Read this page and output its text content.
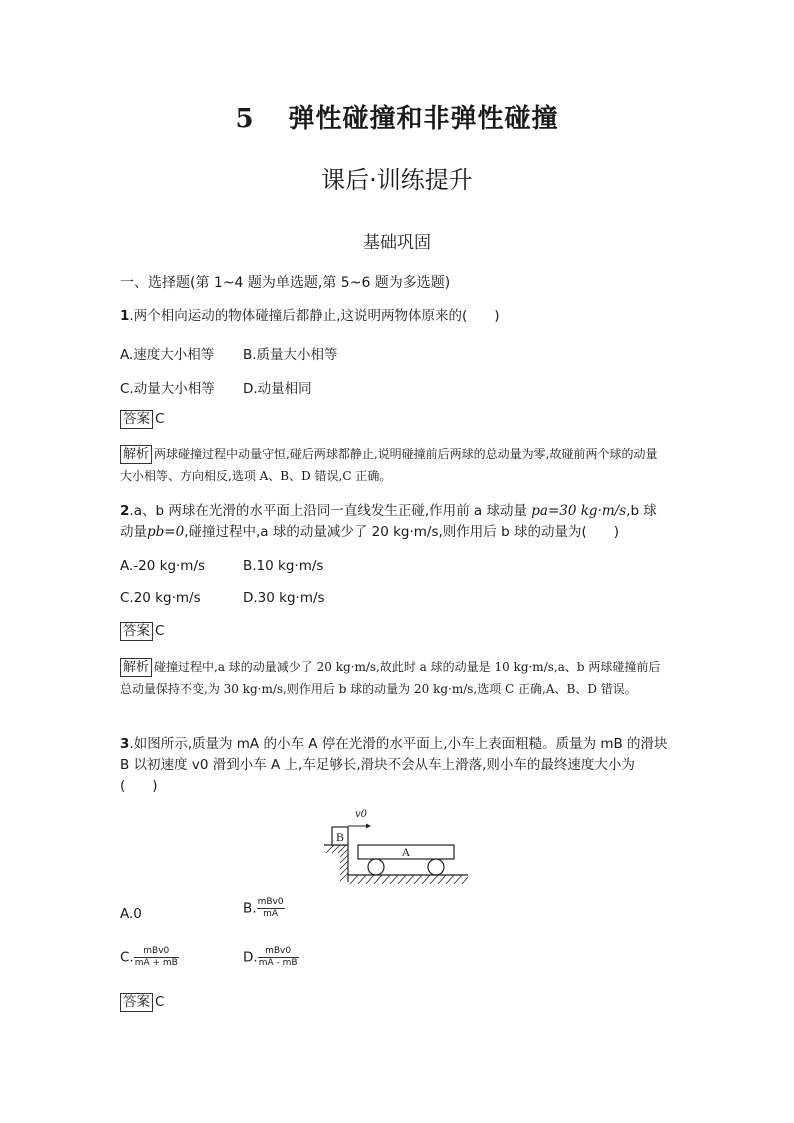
5 弹性碰撞和非弹性碰撞
课后·训练提升
基础巩固
一、选择题(第 1~4 题为单选题,第 5~6 题为多选题)
1.两个相向运动的物体碰撞后都静止,这说明两物体原来的(　　)
A.速度大小相等 B.质量大小相等
C.动量大小相等 D.动量相同
答案 C
解析 两球碰撞过程中动量守恒,碰后两球都静止,说明碰撞前后两球的总动量为零,故碰前两个球的动量大小相等、方向相反,选项 A、B、D 错误,C 正确。
2.a、b 两球在光滑的水平面上沿同一直线发生正碰,作用前 a 球动量 pa=30 kg·m/s,b 球动量pb=0,碰撞过程中,a 球的动量减少了 20 kg·m/s,则作用后 b 球的动量为(　　)
A.-20 kg·m/s	B.10 kg·m/s
C.20 kg·m/s	D.30 kg·m/s
答案 C
解析 碰撞过程中,a 球的动量减少了 20 kg·m/s,故此时 a 球的动量是 10 kg·m/s,a、b 两球碰撞前后总动量保持不变,为 30 kg·m/s,则作用后 b 球的动量为 20 kg·m/s,选项 C 正确,A、B、D 错误。
3.如图所示,质量为 mA 的小车 A 停在光滑的水平面上,小车上表面粗糙。质量为 mB 的滑块 B 以初速度 v0 滑到小车 A 上,车足够长,滑块不会从车上滑落,则小车的最终速度大小为
(　　)
B
v0
A
A.0	B. $\frac{\text{mBv0}}{mA}$
C. $\frac{\text{mBv0}}{mA + mB}$	D. $\frac{\text{mBv0}}{mA - mB}$
答案 C
